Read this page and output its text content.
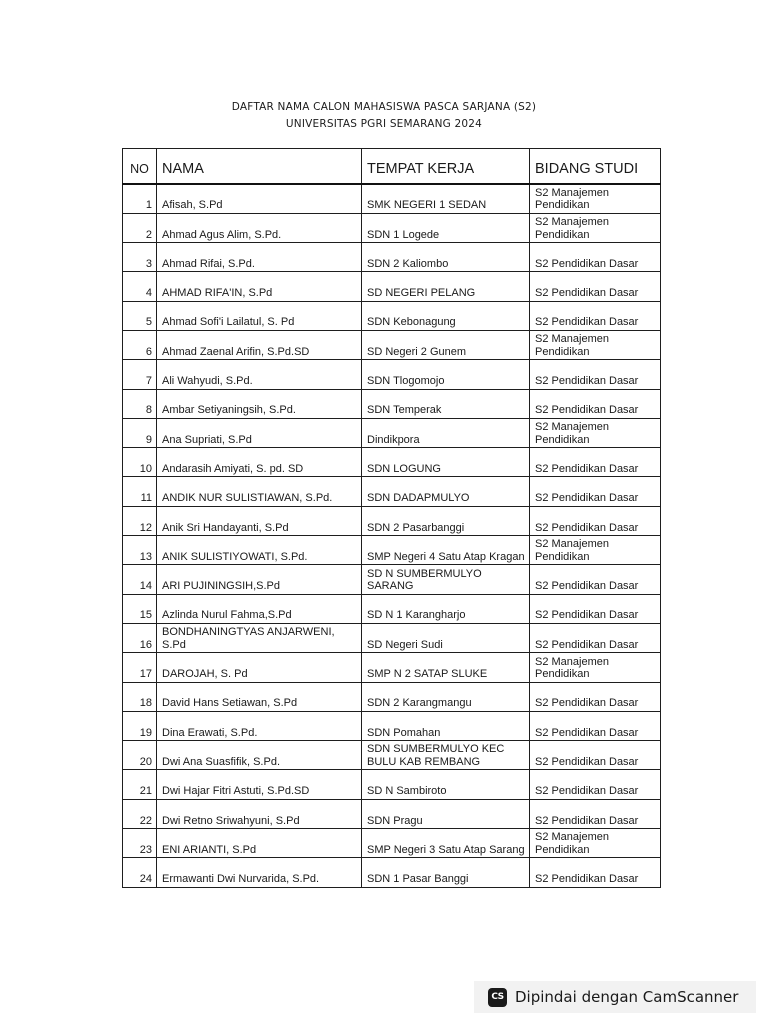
DAFTAR NAMA CALON MAHASISWA PASCA SARJANA (S2)
UNIVERSITAS PGRI SEMARANG 2024
NO	NAMA	TEMPAT KERJA	BIDANG STUDI
1	Afisah, S.Pd	SMK NEGERI 1 SEDAN	S2 Manajemen Pendidikan
2	Ahmad Agus Alim, S.Pd.	SDN 1 Logede	S2 Manajemen Pendidikan
3	Ahmad Rifai, S.Pd.	SDN 2 Kaliombo	S2 Pendidikan Dasar
4	AHMAD RIFA'IN, S.Pd	SD NEGERI PELANG	S2 Pendidikan Dasar
5	Ahmad Sofi'i Lailatul, S. Pd	SDN Kebonagung	S2 Pendidikan Dasar
6	Ahmad Zaenal Arifin, S.Pd.SD	SD Negeri 2 Gunem	S2 Manajemen Pendidikan
7	Ali Wahyudi, S.Pd.	SDN Tlogomojo	S2 Pendidikan Dasar
8	Ambar Setiyaningsih, S.Pd.	SDN Temperak	S2 Pendidikan Dasar
9	Ana Supriati, S.Pd	Dindikpora	S2 Manajemen Pendidikan
10	Andarasih Amiyati, S. pd. SD	SDN LOGUNG	S2 Pendidikan Dasar
11	ANDIK NUR SULISTIAWAN, S.Pd.	SDN DADAPMULYO	S2 Pendidikan Dasar
12	Anik Sri Handayanti, S.Pd	SDN 2 Pasarbanggi	S2 Pendidikan Dasar
13	ANIK SULISTIYOWATI, S.Pd.	SMP Negeri 4 Satu Atap Kragan	S2 Manajemen Pendidikan
14	ARI PUJININGSIH,S.Pd	SD N SUMBERMULYO SARANG	S2 Pendidikan Dasar
15	Azlinda Nurul Fahma,S.Pd	SD N 1 Karangharjo	S2 Pendidikan Dasar
16	BONDHANINGTYAS ANJARWENI, S.Pd	SD Negeri Sudi	S2 Pendidikan Dasar
17	DAROJAH, S. Pd	SMP N 2 SATAP SLUKE	S2 Manajemen Pendidikan
18	David Hans Setiawan, S.Pd	SDN 2 Karangmangu	S2 Pendidikan Dasar
19	Dina Erawati, S.Pd.	SDN Pomahan	S2 Pendidikan Dasar
20	Dwi Ana Suasfifik, S.Pd.	SDN SUMBERMULYO KEC BULU KAB REMBANG	S2 Pendidikan Dasar
21	Dwi Hajar Fitri Astuti, S.Pd.SD	SD N Sambiroto	S2 Pendidikan Dasar
22	Dwi Retno Sriwahyuni, S.Pd	SDN Pragu	S2 Pendidikan Dasar
23	ENI ARIANTI, S.Pd	SMP Negeri 3 Satu Atap Sarang	S2 Manajemen Pendidikan
24	Ermawanti Dwi Nurvarida, S.Pd.	SDN 1 Pasar Banggi	S2 Pendidikan Dasar
CS Dipindai dengan CamScanner
